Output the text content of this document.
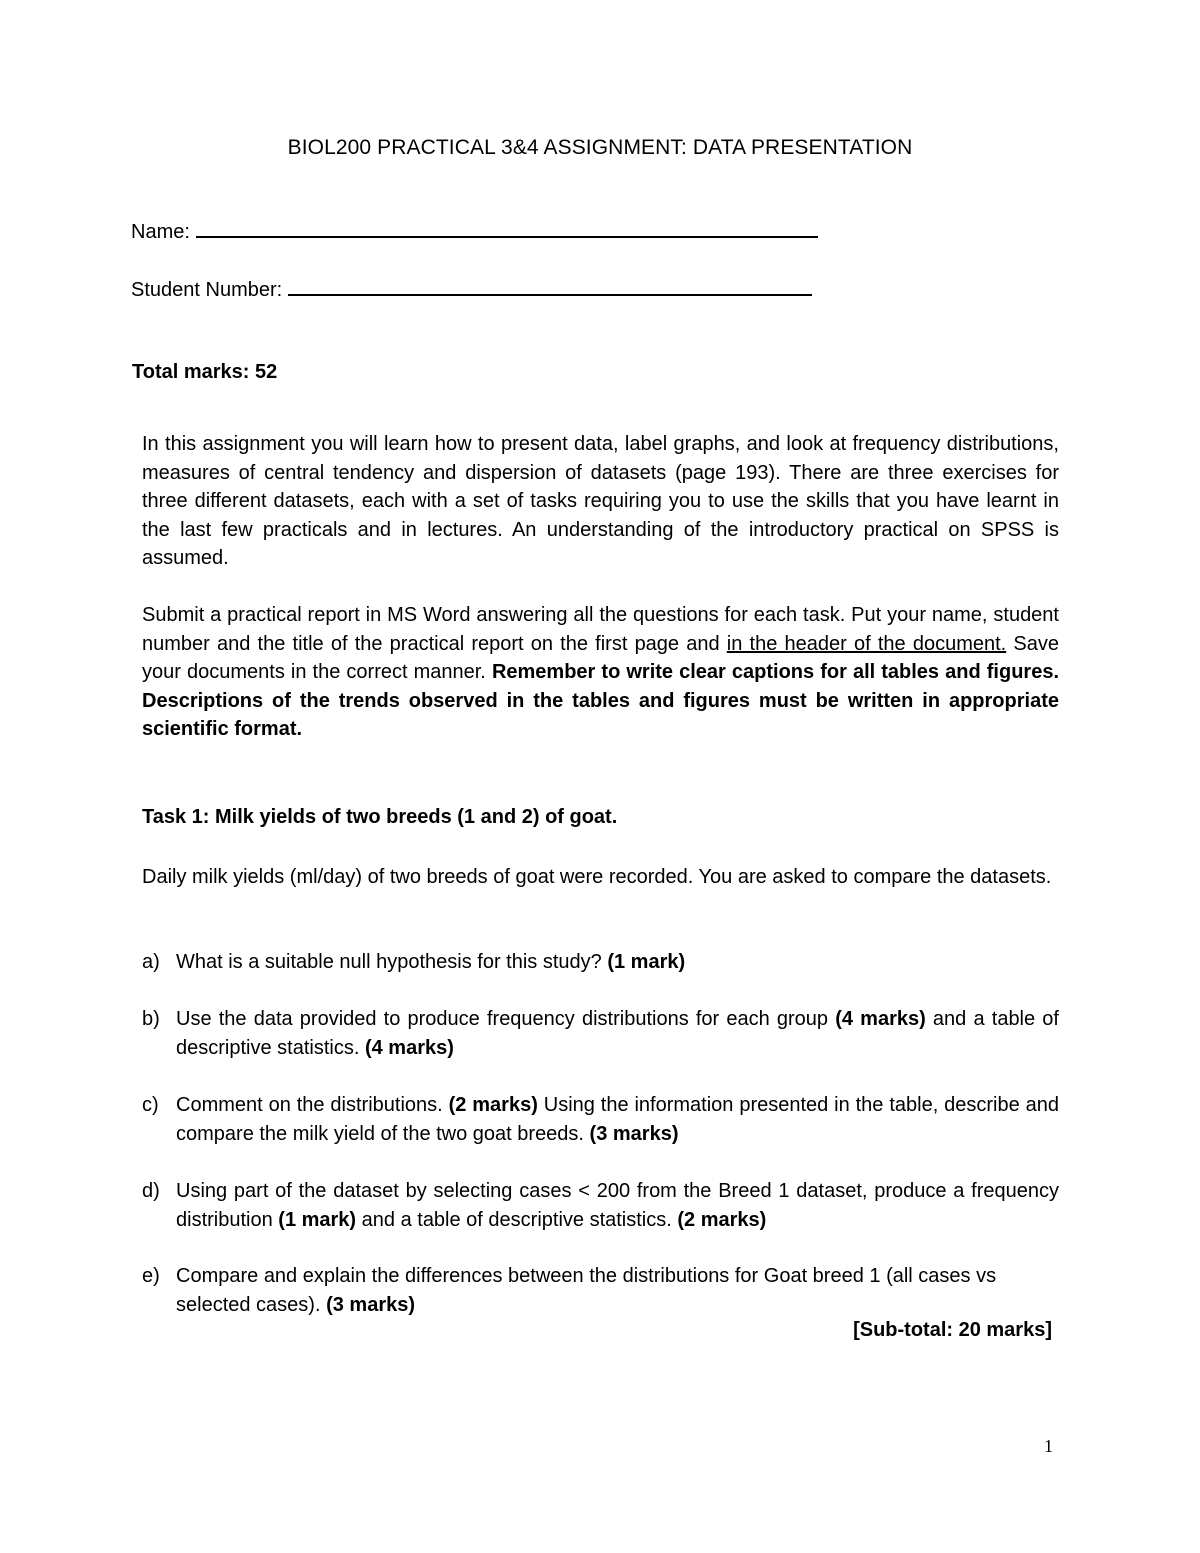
BIOL200 PRACTICAL 3&4 ASSIGNMENT: DATA PRESENTATION
Name:
Student Number:
Total marks: 52
In this assignment you will learn how to present data, label graphs, and look at frequency distributions, measures of central tendency and dispersion of datasets (page 193). There are three exercises for three different datasets, each with a set of tasks requiring you to use the skills that you have learnt in the last few practicals and in lectures. An understanding of the introductory practical on SPSS is assumed.
Submit a practical report in MS Word answering all the questions for each task. Put your name, student number and the title of the practical report on the first page and in the header of the document. Save your documents in the correct manner. Remember to write clear captions for all tables and figures. Descriptions of the trends observed in the tables and figures must be written in appropriate scientific format.
Task 1: Milk yields of two breeds (1 and 2) of goat.
Daily milk yields (ml/day) of two breeds of goat were recorded. You are asked to compare the datasets.
a) What is a suitable null hypothesis for this study? (1 mark)
b) Use the data provided to produce frequency distributions for each group (4 marks) and a table of descriptive statistics. (4 marks)
c) Comment on the distributions. (2 marks) Using the information presented in the table, describe and compare the milk yield of the two goat breeds. (3 marks)
d) Using part of the dataset by selecting cases < 200 from the Breed 1 dataset, produce a frequency distribution (1 mark) and a table of descriptive statistics. (2 marks)
e) Compare and explain the differences between the distributions for Goat breed 1 (all cases vs selected cases). (3 marks)
[Sub-total: 20 marks]
1
